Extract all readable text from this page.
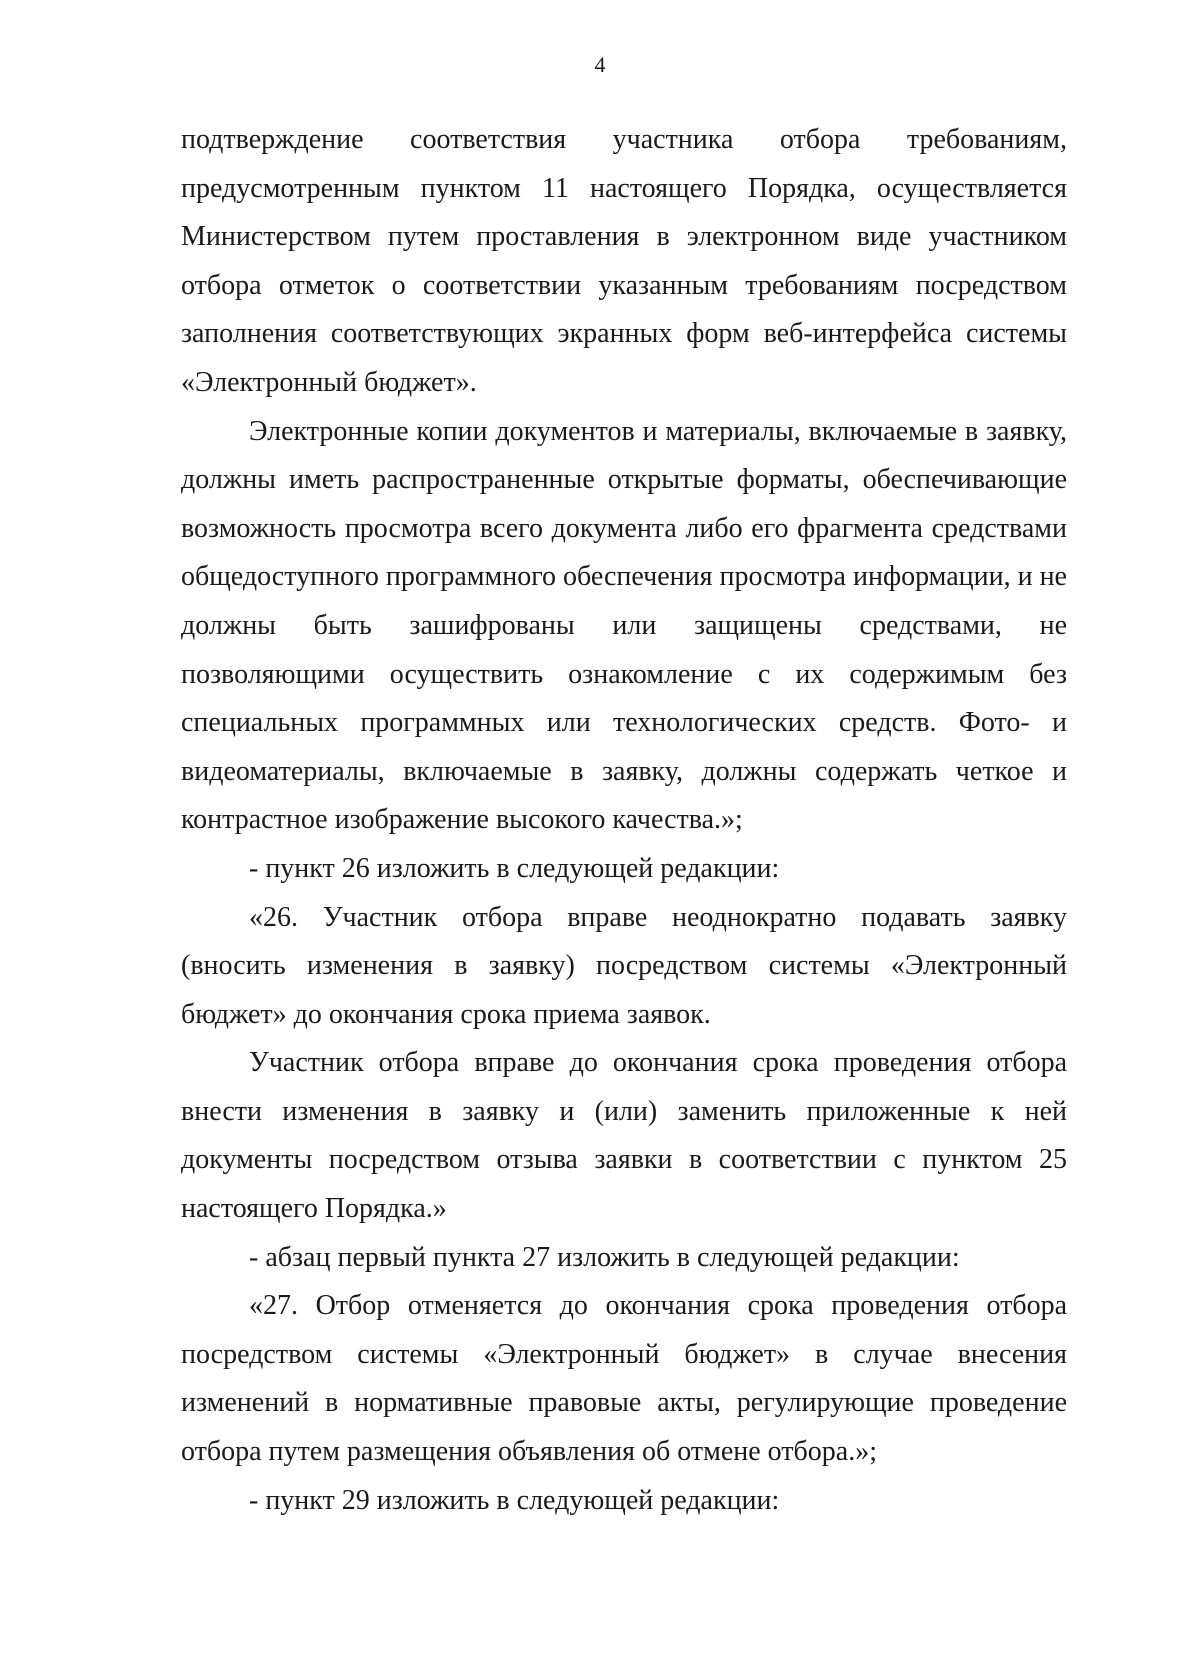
4

подтверждение соответствия участника отбора требованиям, предусмотренным пунктом 11 настоящего Порядка, осуществляется Министерством путем проставления в электронном виде участником отбора отметок о соответствии указанным требованиям посредством заполнения соответствующих экранных форм веб-интерфейса системы «Электронный бюджет».

Электронные копии документов и материалы, включаемые в заявку, должны иметь распространенные открытые форматы, обеспечивающие возможность просмотра всего документа либо его фрагмента средствами общедоступного программного обеспечения просмотра информации, и не должны быть зашифрованы или защищены средствами, не позволяющими осуществить ознакомление с их содержимым без специальных программных или технологических средств. Фото- и видеоматериалы, включаемые в заявку, должны содержать четкое и контрастное изображение высокого качества.»;

- пункт 26 изложить в следующей редакции:

«26. Участник отбора вправе неоднократно подавать заявку (вносить изменения в заявку) посредством системы «Электронный бюджет» до окончания срока приема заявок.

Участник отбора вправе до окончания срока проведения отбора внести изменения в заявку и (или) заменить приложенные к ней документы посредством отзыва заявки в соответствии с пунктом 25 настоящего Порядка.»

- абзац первый пункта 27 изложить в следующей редакции:

«27. Отбор отменяется до окончания срока проведения отбора посредством системы «Электронный бюджет» в случае внесения изменений в нормативные правовые акты, регулирующие проведение отбора путем размещения объявления об отмене отбора.»;

- пункт 29 изложить в следующей редакции:
